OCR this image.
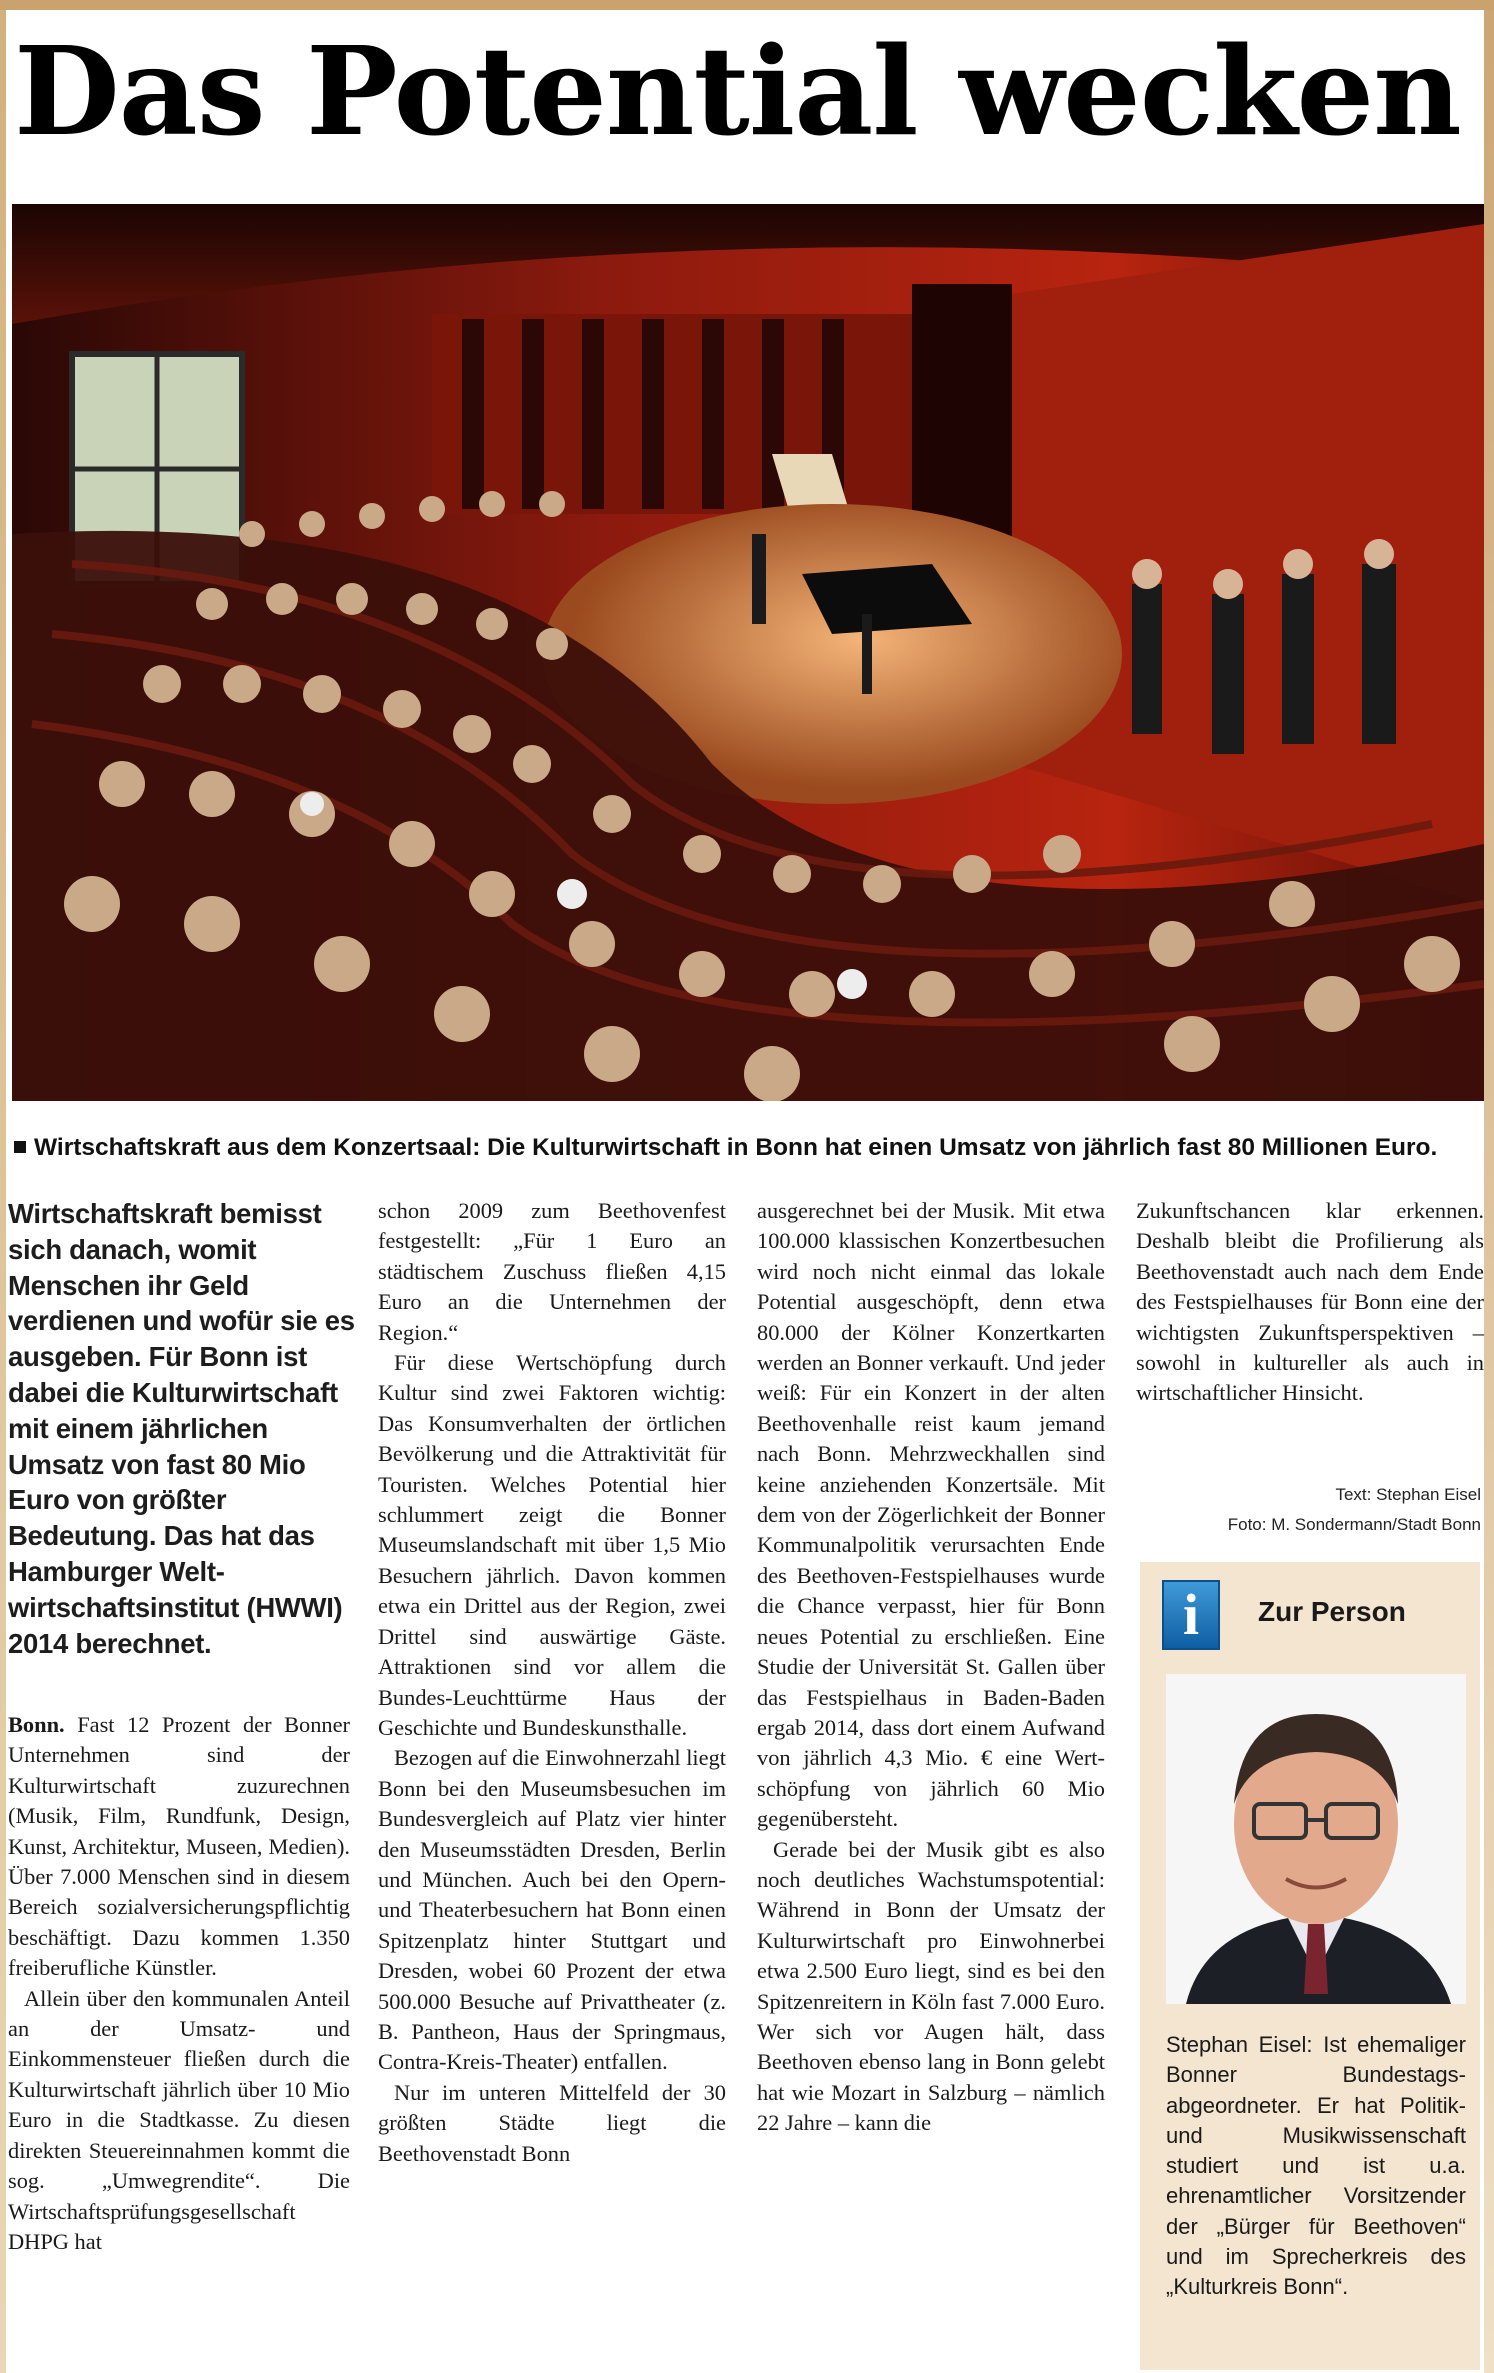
Das Potential wecken
Wirtschaftskraft aus dem Konzertsaal: Die Kulturwirtschaft in Bonn hat einen Umsatz von jährlich fast 80 Millionen Euro.
Wirtschaftskraft bemisst sich danach, womit Menschen ihr Geld verdienen und wofür sie es ausgeben. Für Bonn ist dabei die Kulturwirtschaft mit einem jährlichen Umsatz von fast 80 Mio Euro von größter Bedeutung. Das hat das Hamburger Weltwirtschaftsinstitut (HWWI) 2014 berechnet.

Bonn. Fast 12 Prozent der Bonner Unternehmen sind der Kulturwirtschaft zuzurechnen (Musik, Film, Rundfunk, Design, Kunst, Architektur, Museen, Medien). Über 7.000 Menschen sind in diesem Bereich sozialversicherungspflichtig beschäftigt. Dazu kommen 1.350 freiberufliche Künstler.

Allein über den kommunalen Anteil an der Umsatz- und Einkommensteuer fließen durch die Kulturwirtschaft jährlich über 10 Mio Euro in die Stadtkasse. Zu diesen direkten Steuereinnahmen kommt die sog. „Umwegrendite“. Die Wirtschaftsprüfungsgesellschaft DHPG hat

schon 2009 zum Beethovenfest festgestellt: „Für 1 Euro an städtischem Zuschuss fließen 4,15 Euro an die Unternehmen der Region.“

Für diese Wertschöpfung durch Kultur sind zwei Faktoren wichtig: Das Konsumverhalten der örtlichen Bevölkerung und die Attraktivität für Touristen. Welches Potential hier schlummert zeigt die Bonner Museumslandschaft mit über 1,5 Mio Besuchern jährlich. Davon kommen etwa ein Drittel aus der Region, zwei Drittel sind auswärtige Gäste. Attraktionen sind vor allem die Bundes-Leuchttürme Haus der Geschichte und Bundeskunsthalle.

Bezogen auf die Einwohnerzahl liegt Bonn bei den Museumsbesuchen im Bundesvergleich auf Platz vier hinter den Museumsstädten Dresden, Berlin und München. Auch bei den Opern- und Theaterbesuchern hat Bonn einen Spitzenplatz hinter Stuttgart und Dresden, wobei 60 Prozent der etwa 500.000 Besuche auf Privattheater (z. B. Pantheon, Haus der Springmaus, Contra-Kreis-Theater) entfallen.

Nur im unteren Mittelfeld der 30 größten Städte liegt die Beethovenstadt Bonn

ausgerechnet bei der Musik. Mit etwa 100.000 klassischen Konzertbesuchen wird noch nicht einmal das lokale Potential ausgeschöpft, denn etwa 80.000 der Kölner Konzertkarten werden an Bonner verkauft. Und jeder weiß: Für ein Konzert in der alten Beethovenhalle reist kaum jemand nach Bonn. Mehrzweckhallen sind keine anziehenden Konzertsäle. Mit dem von der Zögerlichkeit der Bonner Kommunalpolitik verursachten Ende des Beethoven-Festspielhauses wurde die Chance verpasst, hier für Bonn neues Potential zu erschließen. Eine Studie der Universität St. Gallen über das Festspielhaus in Baden-Baden ergab 2014, dass dort einem Aufwand von jährlich 4,3 Mio. € eine Wertschöpfung von jährlich 60 Mio gegenübersteht.

Gerade bei der Musik gibt es also noch deutliches Wachstumspotential: Während in Bonn der Umsatz der Kulturwirtschaft pro Einwohnerbei etwa 2.500 Euro liegt, sind es bei den Spitzenreitern in Köln fast 7.000 Euro. Wer sich vor Augen hält, dass Beethoven ebenso lang in Bonn gelebt hat wie Mozart in Salzburg – nämlich 22 Jahre – kann die

Zukunftschancen klar erkennen. Deshalb bleibt die Profilierung als Beethovenstadt auch nach dem Ende des Festspielhauses für Bonn eine der wichtigsten Zukunftsperspektiven – sowohl in kultureller als auch in wirtschaftlicher Hinsicht.

Text: Stephan Eisel
Foto: M. Sondermann/Stadt Bonn
i	Zur Person
Stephan Eisel: Ist ehemaliger Bonner Bundestagsabgeordneter. Er hat Politik- und Musikwissenschaft studiert und ist u.a. ehrenamtlicher Vorsitzender der „Bürger für Beethoven“ und im Sprecherkreis des „Kulturkreis Bonn“.
